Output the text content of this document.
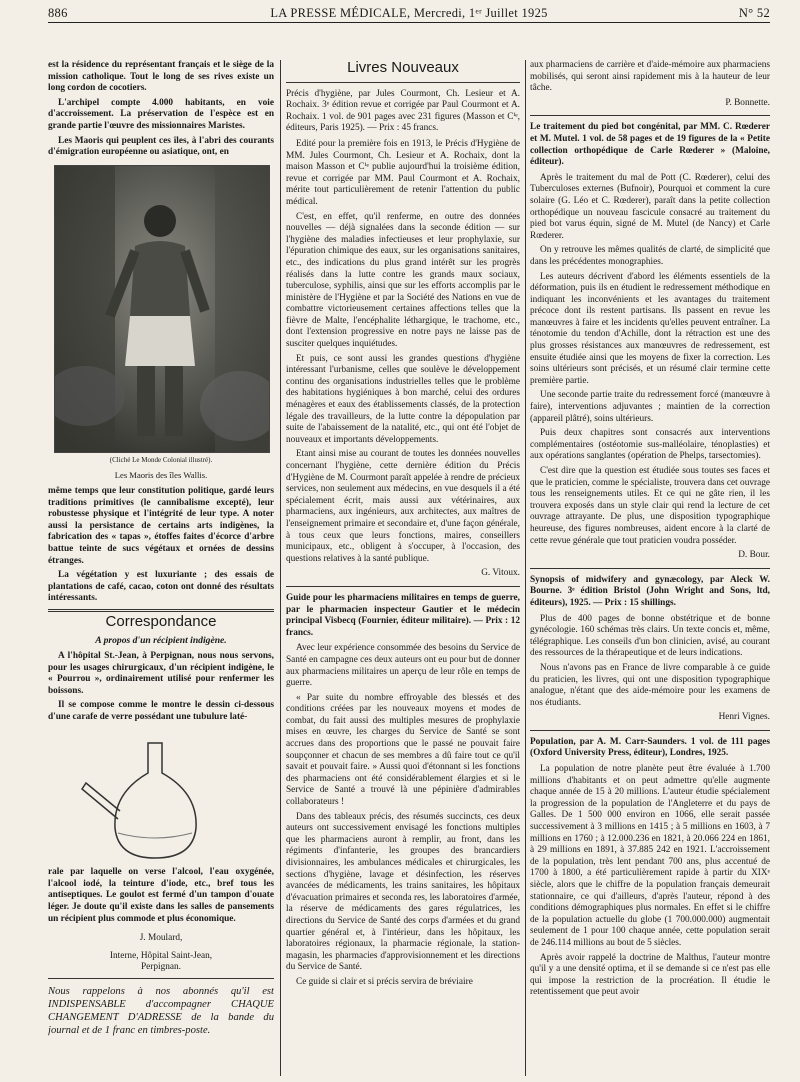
886	LA PRESSE MÉDICALE, Mercredi, 1ᵉʳ Juillet 1925	N° 52

est la résidence du représentant français et le siège de la mission catholique. Tout le long de ses rives existe un long cordon de cocotiers.

L'archipel compte 4.000 habitants, en voie d'accroissement. La préservation de l'espèce est en grande partie l'œuvre des missionnaires Maristes.

Les Maoris qui peuplent ces îles, à l'abri des courants d'émigration européenne ou asiatique, ont, en

(Cliché Le Monde Colonial illustré).
Les Maoris des îles Wallis.

même temps que leur constitution politique, gardé leurs traditions primitives (le cannibalisme excepté), leur robustesse physique et l'intégrité de leur type. A noter aussi la persistance de certains arts indigènes, la fabrication des « tapas », étoffes faites d'écorce d'arbre battue teinte de sucs végétaux et ornées de dessins étranges.

La végétation y est luxuriante ; des essais de plantations de café, cacao, coton ont donné des résultats intéressants.

Correspondance
A propos d'un récipient indigène.

A l'hôpital St.-Jean, à Perpignan, nous nous servons, pour les usages chirurgicaux, d'un récipient indigène, le « Pourrou », ordinairement utilisé pour renfermer les boissons.

Il se compose comme le montre le dessin ci-dessous d'une carafe de verre possédant une tubulure laté-

rale par laquelle on verse l'alcool, l'eau oxygénée, l'alcool iodé, la teinture d'iode, etc., bref tous les antiseptiques. Le goulot est fermé d'un tampon d'ouate léger. Je doute qu'il existe dans les salles de pansements un récipient plus commode et plus économique.

J. Moulard,
Interne, Hôpital Saint-Jean,
Perpignan.
Nous rappelons à nos abonnés qu'il est INDISPENSABLE d'accompagner CHAQUE CHANGEMENT D'ADRESSE de la bande du journal et de 1 franc en timbres-poste.
Livres Nouveaux

Précis d'hygiène, par Jules Courmont, Ch. Lesieur et A. Rochaix. 3ᵉ édition revue et corrigée par Paul Courmont et A. Rochaix. 1 vol. de 901 pages avec 231 figures (Masson et Cⁱᵉ, éditeurs, Paris 1925). — Prix : 45 francs.

Edité pour la première fois en 1913, le Précis d'Hygiène de MM. Jules Courmont, Ch. Lesieur et A. Rochaix, dont la maison Masson et Cⁱᵉ publie aujourd'hui la troisième édition, revue et corrigée par MM. Paul Courmont et A. Rochaix, mérite tout particulièrement de retenir l'attention du public médical.

C'est, en effet, qu'il renferme, en outre des données nouvelles — déjà signalées dans la seconde édition — sur l'hygiène des maladies infectieuses et leur prophylaxie, sur l'épuration chimique des eaux, sur les organisations sanitaires, etc., des indications du plus grand intérêt sur les progrès réalisés dans la lutte contre les grands maux sociaux, tuberculose, syphilis, ainsi que sur les efforts accomplis par le ministère de l'Hygiène et par la Société des Nations en vue de combattre victorieusement certaines affections telles que la fièvre de Malte, l'encéphalite léthargique, le trachome, etc., dont l'extension progressive en notre pays ne laisse pas de susciter quelques inquiétudes.

Et puis, ce sont aussi les grandes questions d'hygiène intéressant l'urbanisme, celles que soulève le développement continu des organisations industrielles telles que le problème des habitations hygiéniques à bon marché, celui des ordures ménagères et eaux des établissements classés, de la protection légale des travailleurs, de la lutte contre la dépopulation par suite de l'abaissement de la natalité, etc., qui ont été l'objet de nouveaux et importants développements.

Etant ainsi mise au courant de toutes les données nouvelles concernant l'hygiène, cette dernière édition du Précis d'Hygiène de M. Courmont paraît appelée à rendre de précieux services, non seulement aux médecins, en vue desquels il a été spécialement écrit, mais aussi aux vétérinaires, aux pharmaciens, aux ingénieurs, aux architectes, aux maîtres de l'enseignement primaire et secondaire et, d'une façon générale, à tous ceux que leurs fonctions, maires, conseillers municipaux, etc., obligent à s'occuper, à l'occasion, des questions relatives à la santé publique.

G. Vitoux.

Guide pour les pharmaciens militaires en temps de guerre, par le pharmacien inspecteur Gautier et le médecin principal Visbecq (Fournier, éditeur militaire). — Prix : 12 francs.

Avec leur expérience consommée des besoins du Service de Santé en campagne ces deux auteurs ont eu pour but de donner aux pharmaciens militaires un aperçu de leur rôle en temps de guerre.

« Par suite du nombre effroyable des blessés et des conditions créées par les nouveaux moyens et modes de combat, du fait aussi des multiples mesures de prophylaxie mises en œuvre, les charges du Service de Santé se sont accrues dans des proportions que le passé ne pouvait faire soupçonner et chacun de ses membres a dû faire tout ce qu'il savait et pouvait faire. » Aussi quoi d'étonnant si les fonctions des pharmaciens ont été considérablement élargies et si le Service de Santé a trouvé là une pépinière d'admirables collaborateurs !

Dans des tableaux précis, des résumés succincts, ces deux auteurs ont successivement envisagé les fonctions multiples que les pharmaciens auront à remplir, au front, dans les régiments d'infanterie, les groupes des brancardiers divisionnaires, les ambulances médicales et chirurgicales, les sections d'hygiène, lavage et désinfection, les réserves avancées de médicaments, les trains sanitaires, les hôpitaux d'évacuation primaires et seconda res, les laboratoires d'armée, la réserve de médicaments des gares régulatrices, les directions du Service de Santé des corps d'armées et du grand quartier général et, à l'intérieur, dans les hôpitaux, les laboratoires régionaux, la pharmacie régionale, la station-magasin, les pharmacies d'approvisionnement et les directions du Service de Santé.

Ce guide si clair et si précis servira de bréviaire

aux pharmaciens de carrière et d'aide-mémoire aux pharmaciens mobilisés, qui seront ainsi rapidement mis à la hauteur de leur tâche.

P. Bonnette.

Le traitement du pied bot congénital, par MM. C. Rœderer et M. Mutel. 1 vol. de 58 pages et de 19 figures de la « Petite collection orthopédique de Carle Rœderer » (Maloine, éditeur).

Après le traitement du mal de Pott (C. Rœderer), celui des Tuberculoses externes (Bufnoir), Pourquoi et comment la cure solaire (G. Léo et C. Rœderer), paraît dans la petite collection orthopédique un nouveau fascicule consacré au traitement du pied bot varus équin, signé de M. Mutel (de Nancy) et Carle Rœderer.

On y retrouve les mêmes qualités de clarté, de simplicité que dans les précédentes monographies.

Les auteurs décrivent d'abord les éléments essentiels de la déformation, puis ils en étudient le redressement méthodique en indiquant les inconvénients et les avantages du traitement précoce dont ils restent partisans. Ils passent en revue les manœuvres à faire et les incidents qu'elles peuvent entraîner. La ténotomie du tendon d'Achille, dont la rétraction est une des plus grosses résistances aux manœuvres de redressement, est ensuite étudiée ainsi que les moyens de fixer la correction. Les soins ultérieurs sont précisés, et un résumé clair termine cette première partie.

Une seconde partie traite du redressement forcé (manœuvre à faire), interventions adjuvantes ; maintien de la correction (appareil plâtré), soins ultérieurs.

Puis deux chapitres sont consacrés aux interventions complémentaires (ostéotomie sus-malléolaire, ténoplasties) et aux opérations sanglantes (opération de Phelps, tarsectomies).

C'est dire que la question est étudiée sous toutes ses faces et que le praticien, comme le spécialiste, trouvera dans cet ouvrage tous les renseignements utiles. Et ce qui ne gâte rien, il les trouvera exposés dans un style clair qui rend la lecture de cet ouvrage attrayante. De plus, une disposition typographique heureuse, des figures nombreuses, aident encore à la clarté de cette revue générale que tout praticien voudra posséder.

D. Bour.

Synopsis of midwifery and gynæcology, par Aleck W. Bourne. 3ᵉ édition Bristol (John Wright and Sons, ltd, éditeurs), 1925. — Prix : 15 shillings.

Plus de 400 pages de bonne obstétrique et de bonne gynécologie. 160 schémas très clairs. Un texte concis et, même, télégraphique. Les conseils d'un bon clinicien, avisé, au courant des ressources de la thérapeutique et de leurs indications.

Nous n'avons pas en France de livre comparable à ce guide du praticien, les livres, qui ont une disposition typographique analogue, n'étant que des aide-mémoire pour les examens de nos étudiants.

Henri Vignes.

Population, par A. M. Carr-Saunders. 1 vol. de 111 pages (Oxford University Press, éditeur), Londres, 1925.

La population de notre planète peut être évaluée à 1.700 millions d'habitants et on peut admettre qu'elle augmente chaque année de 15 à 20 millions. L'auteur étudie spécialement la progression de la population de l'Angleterre et du pays de Galles. De 1 500 000 environ en 1066, elle serait passée successivement à 3 millions en 1415 ; à 5 millions en 1603, à 7 millions en 1760 ; à 12.000.236 en 1821, à 20.066 224 en 1861, à 29 millions en 1891, à 37.885 242 en 1921. L'accroissement de la population, très lent pendant 700 ans, plus accentué de 1700 à 1800, a été particulièrement rapide à partir du XIXᵉ siècle, alors que le chiffre de la population français demeurait stationnaire, ce qui d'ailleurs, d'après l'auteur, répond à des conditions démographiques plus normales. En effet si le chiffre de la population actuelle du globe (1 700.000.000) augmentait seulement de 1 pour 100 chaque année, cette population serait de 246.114 millions au bout de 5 siècles.

Après avoir rappelé la doctrine de Malthus, l'auteur montre qu'il y a une densité optima, et il se demande si ce n'est pas elle qui impose la restriction de la procréation. Il étudie le retentissement que peut avoir
